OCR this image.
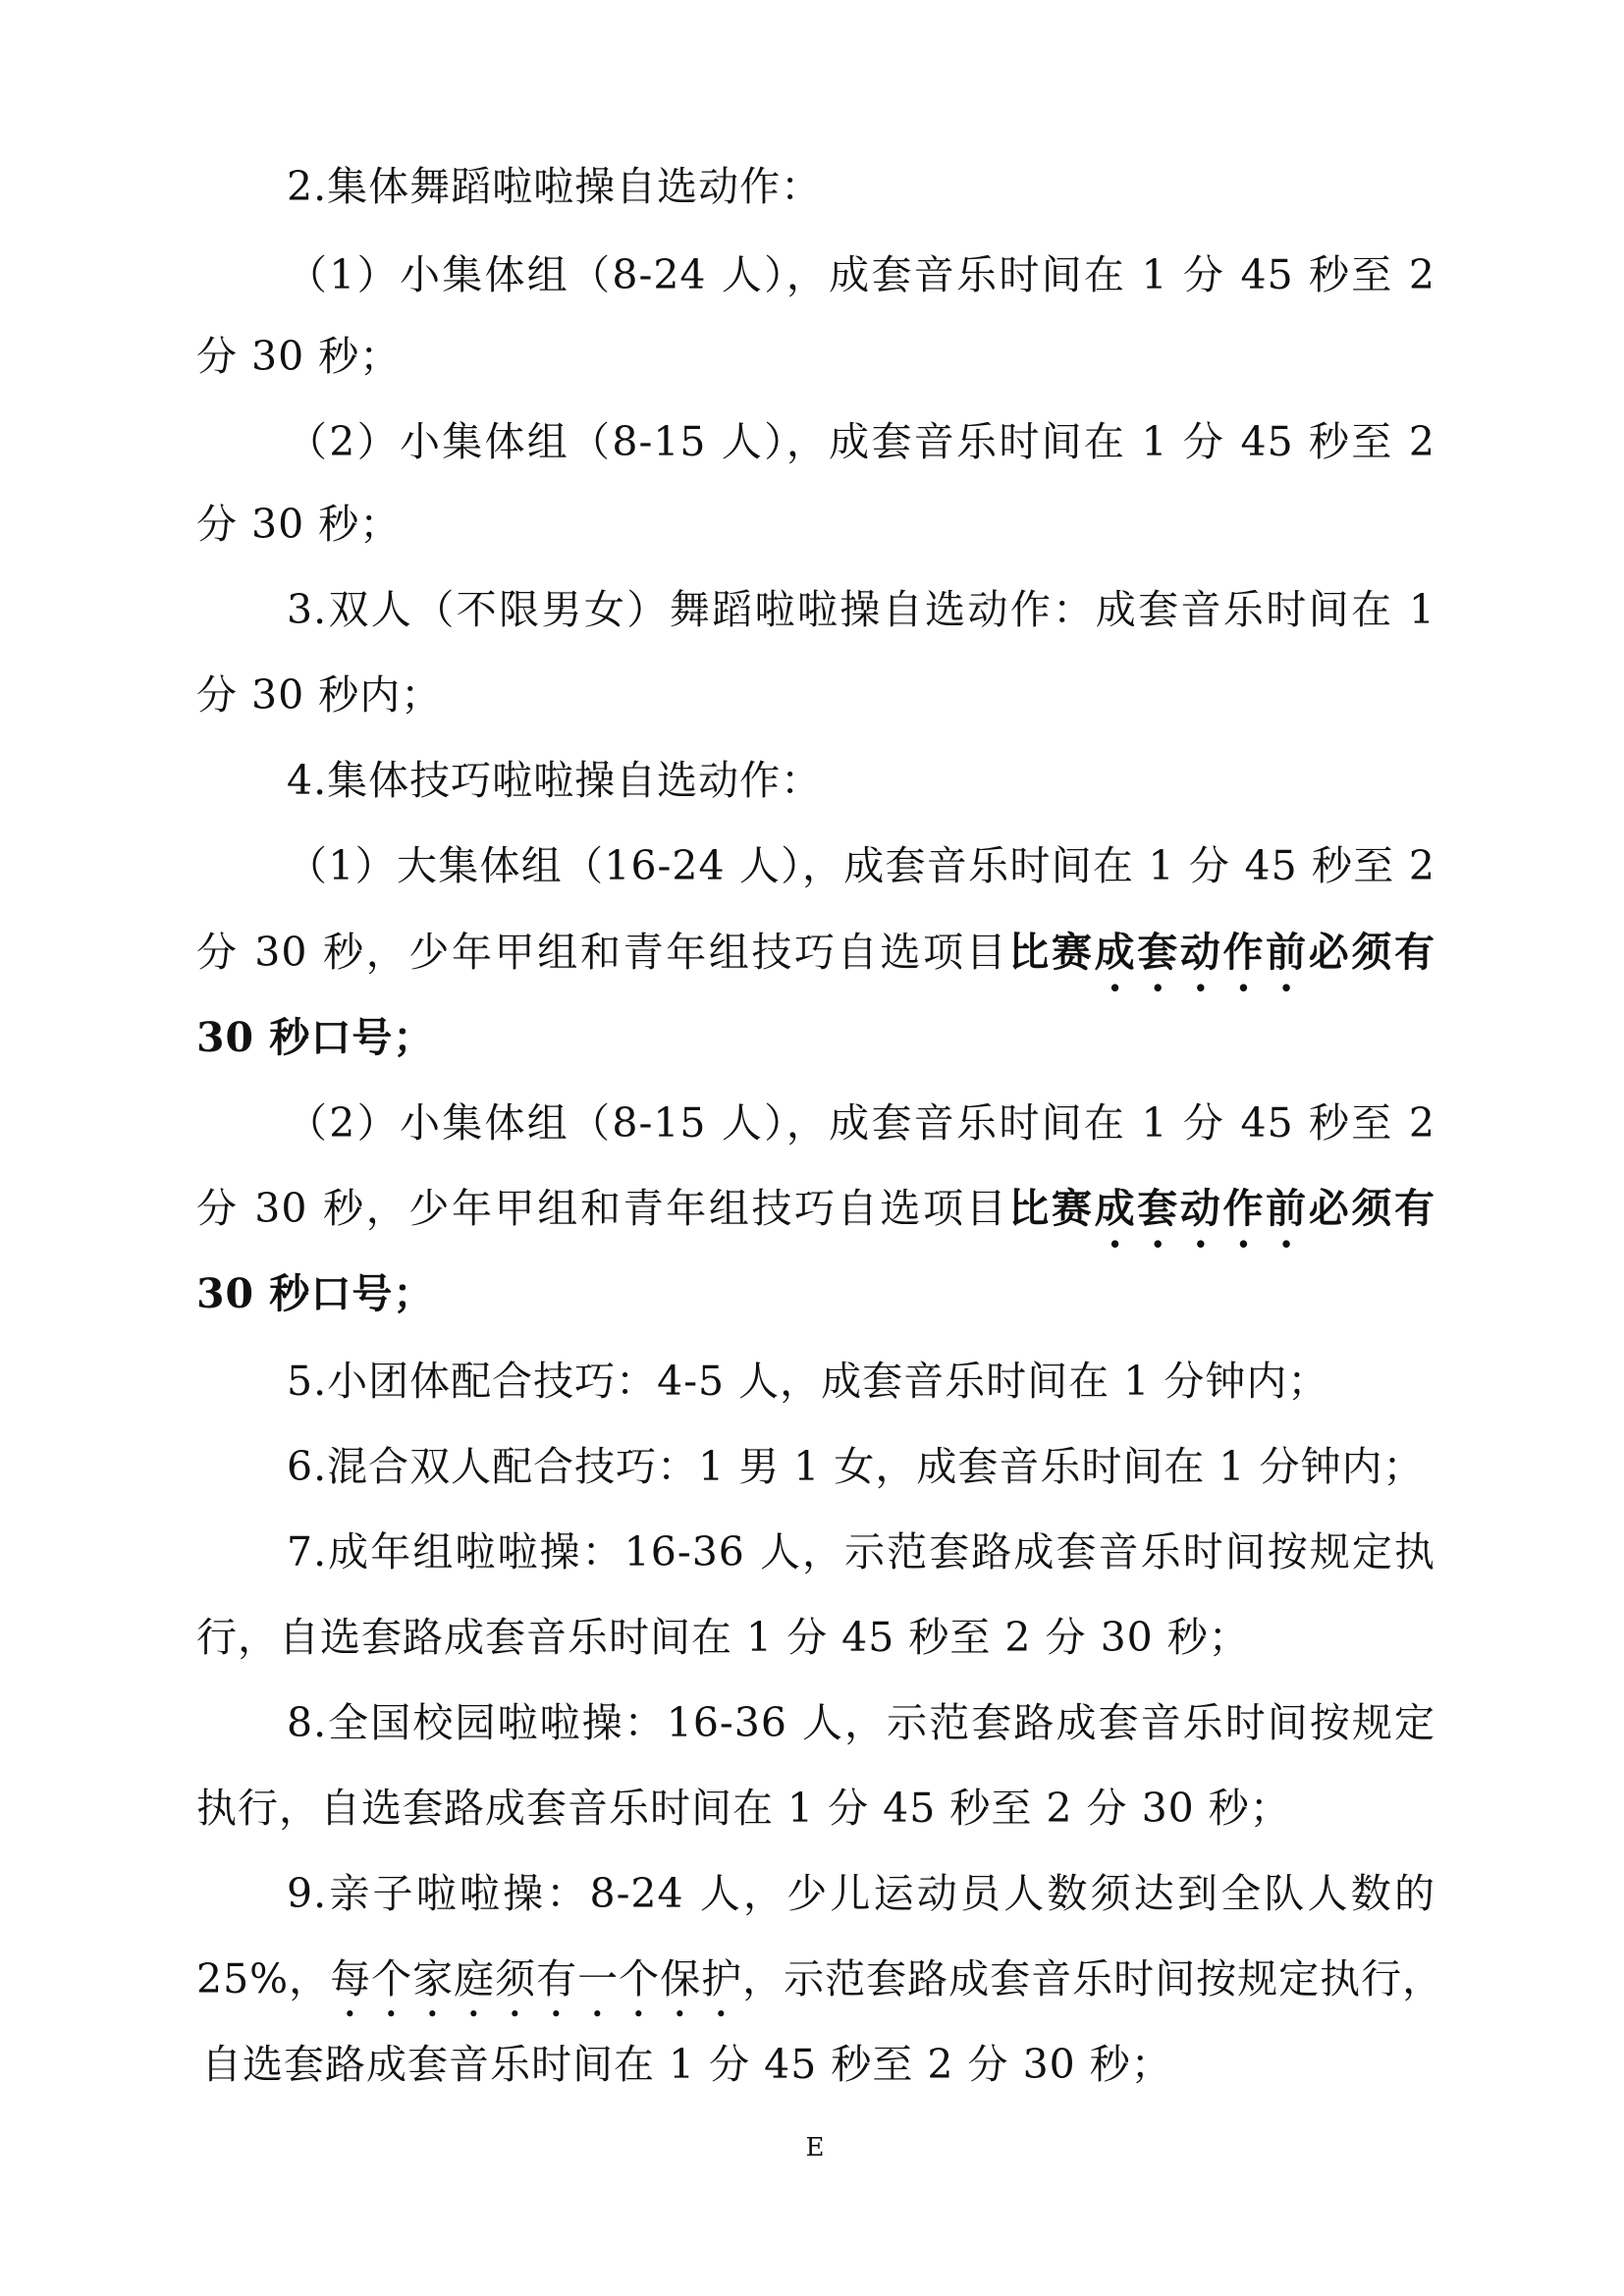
2.集体舞蹈啦啦操自选动作：
（1）小集体组（8-24 人），成套音乐时间在 1 分 45 秒至 2
分 30 秒；
（2）小集体组（8-15 人），成套音乐时间在 1 分 45 秒至 2
分 30 秒；
3.双人（不限男女）舞蹈啦啦操自选动作：成套音乐时间在 1
分 30 秒内；
4.集体技巧啦啦操自选动作：
（1）大集体组（16-24 人），成套音乐时间在 1 分 45 秒至 2
分 30 秒，少年甲组和青年组技巧自选项目比赛成套动作前必须有
30 秒口号；
（2）小集体组（8-15 人），成套音乐时间在 1 分 45 秒至 2
分 30 秒，少年甲组和青年组技巧自选项目比赛成套动作前必须有
30 秒口号；
5.小团体配合技巧：4-5 人，成套音乐时间在 1 分钟内；
6.混合双人配合技巧：1 男 1 女，成套音乐时间在 1 分钟内；
7.成年组啦啦操：16-36 人，示范套路成套音乐时间按规定执
行，自选套路成套音乐时间在 1 分 45 秒至 2 分 30 秒；
8.全国校园啦啦操：16-36 人，示范套路成套音乐时间按规定
执行，自选套路成套音乐时间在 1 分 45 秒至 2 分 30 秒；
9.亲子啦啦操：8-24 人，少儿运动员人数须达到全队人数的
25%，每个家庭须有一个保护，示范套路成套音乐时间按规定执行，
自选套路成套音乐时间在 1 分 45 秒至 2 分 30 秒；
E
